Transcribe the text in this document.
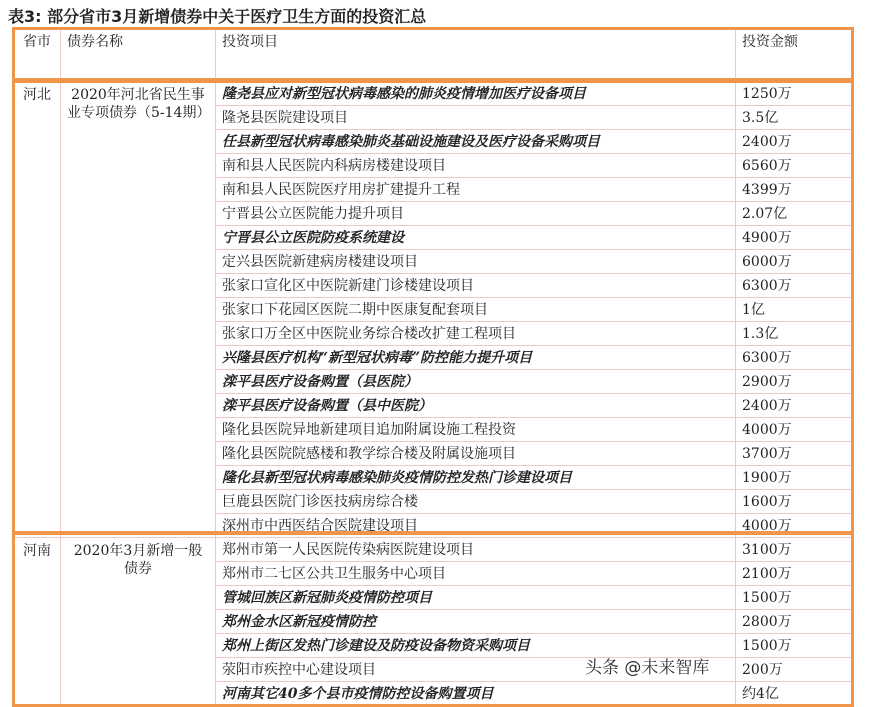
表3: 部分省市3月新增债券中关于医疗卫生方面的投资汇总
省市	债券名称	投资项目	投资金额
河北	2020年河北省民生事业专项债券（5-14期）	隆尧县应对新型冠状病毒感染的肺炎疫情增加医疗设备项目	1250万
		隆尧县医院建设项目	3.5亿
		任县新型冠状病毒感染肺炎基础设施建设及医疗设备采购项目	2400万
		南和县人民医院内科病房楼建设项目	6560万
		南和县人民医院医疗用房扩建提升工程	4399万
		宁晋县公立医院能力提升项目	2.07亿
		宁晋县公立医院防疫系统建设	4900万
		定兴县医院新建病房楼建设项目	6000万
		张家口宣化区中医院新建门诊楼建设项目	6300万
		张家口下花园区医院二期中医康复配套项目	1亿
		张家口万全区中医院业务综合楼改扩建工程项目	1.3亿
		兴隆县医疗机构“新型冠状病毒”防控能力提升项目	6300万
		滦平县医疗设备购置（县医院）	2900万
		滦平县医疗设备购置（县中医院）	2400万
		隆化县医院异地新建项目追加附属设施工程投资	4000万
		隆化县医院院感楼和教学综合楼及附属设施项目	3700万
		隆化县新型冠状病毒感染肺炎疫情防控发热门诊建设项目	1900万
		巨鹿县医院门诊医技病房综合楼	1600万
		深州市中西医结合医院建设项目	4000万
河南	2020年3月新增一般债券	郑州市第一人民医院传染病医院建设项目	3100万
		郑州市二七区公共卫生服务中心项目	2100万
		管城回族区新冠肺炎疫情防控项目	1500万
		郑州金水区新冠疫情防控	2800万
		郑州上街区发热门诊建设及防疫设备物资采购项目	1500万
		荥阳市疾控中心建设项目	200万
		河南其它40多个县市疫情防控设备购置项目	约4亿
头条 @未来智库
